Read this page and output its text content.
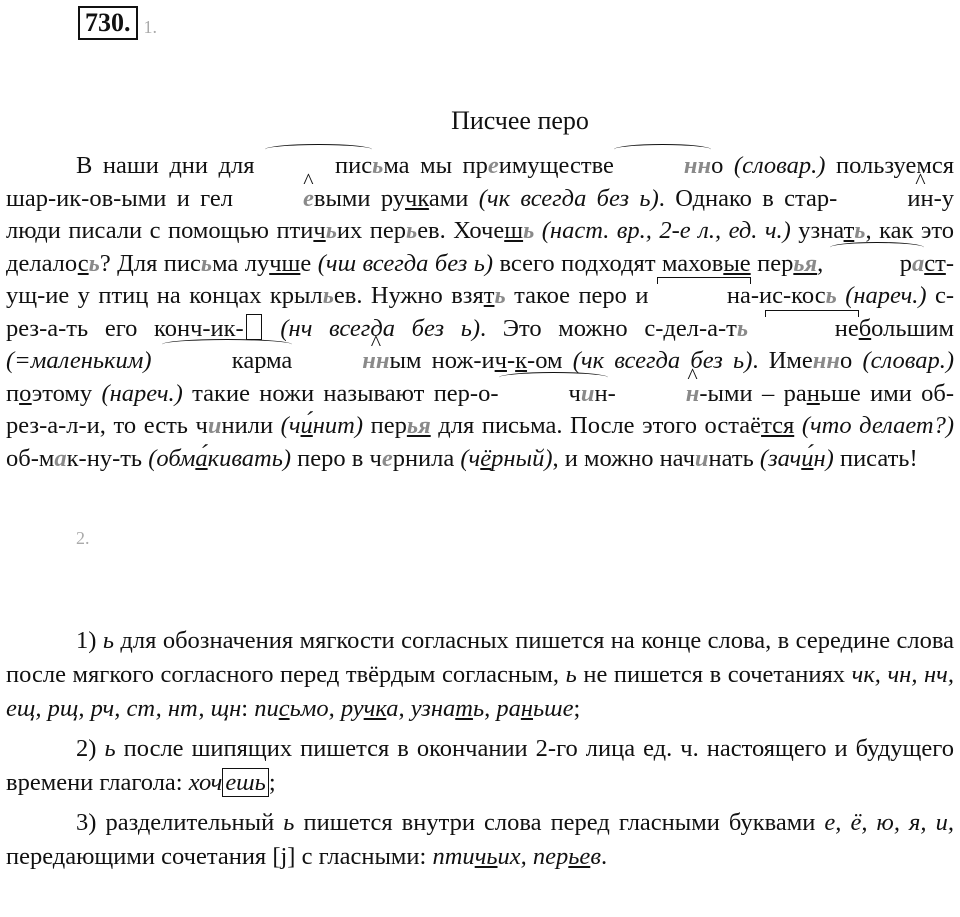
730. 1.
Писчее перо

В наши дни для	письма мы преимуществе	нно (словар.) пользуемся шар-ик-ов-ыми и гел	е ^выми ручками (чк всегда без ь). Однако в стар-	ин ^-у люди писали с помощью птичьих перьев. Хочешь (наст. вр., 2-е л., ед. ч.) узнать, как это делалось? Для письма лучше (чш всегда без ь) всего подходят маховые перья,	раст-ущ-ие у птиц на концах крыльев. Нужно взять такое перо и	на-ис-кось (нареч.) с-рез-а-ть его конч-ик- (нч всегда без ь). Это можно с-дел-а-ть	небольшим (=маленьким)	карма	нн ^ым нож-ич-к-ом (чк всегда без ь). Именно (словар.) поэтому (нареч.) такие ножи называют пер-о-	чин-	н ^-ыми – раньше ими об-рез-а-л-и, то есть чинили (чи́нит) перья для письма. После этого остаётся (что делает?) об-мак-ну-ть (обма́кивать) перо в чернила (чёрный), и можно начинать (зачи́н) писать!

2.

1) ь для обозначения мягкости согласных пишется на конце слова, в середине слова после мягкого согласного перед твёрдым согласным, ь не пишется в сочетаниях чк, чн, нч, ещ, рщ, рч, ст, нт, щн: письмо, ручка, узнать, раньше;

2) ь после шипящих пишется в окончании 2-го лица ед. ч. настоящего и будущего времени глагола: хоч ешь ;

3) разделительный ь пишется внутри слова перед гласными буквами е, ё, ю, я, и, передающими сочетания [j] с гласными: птичьих, перьев.
